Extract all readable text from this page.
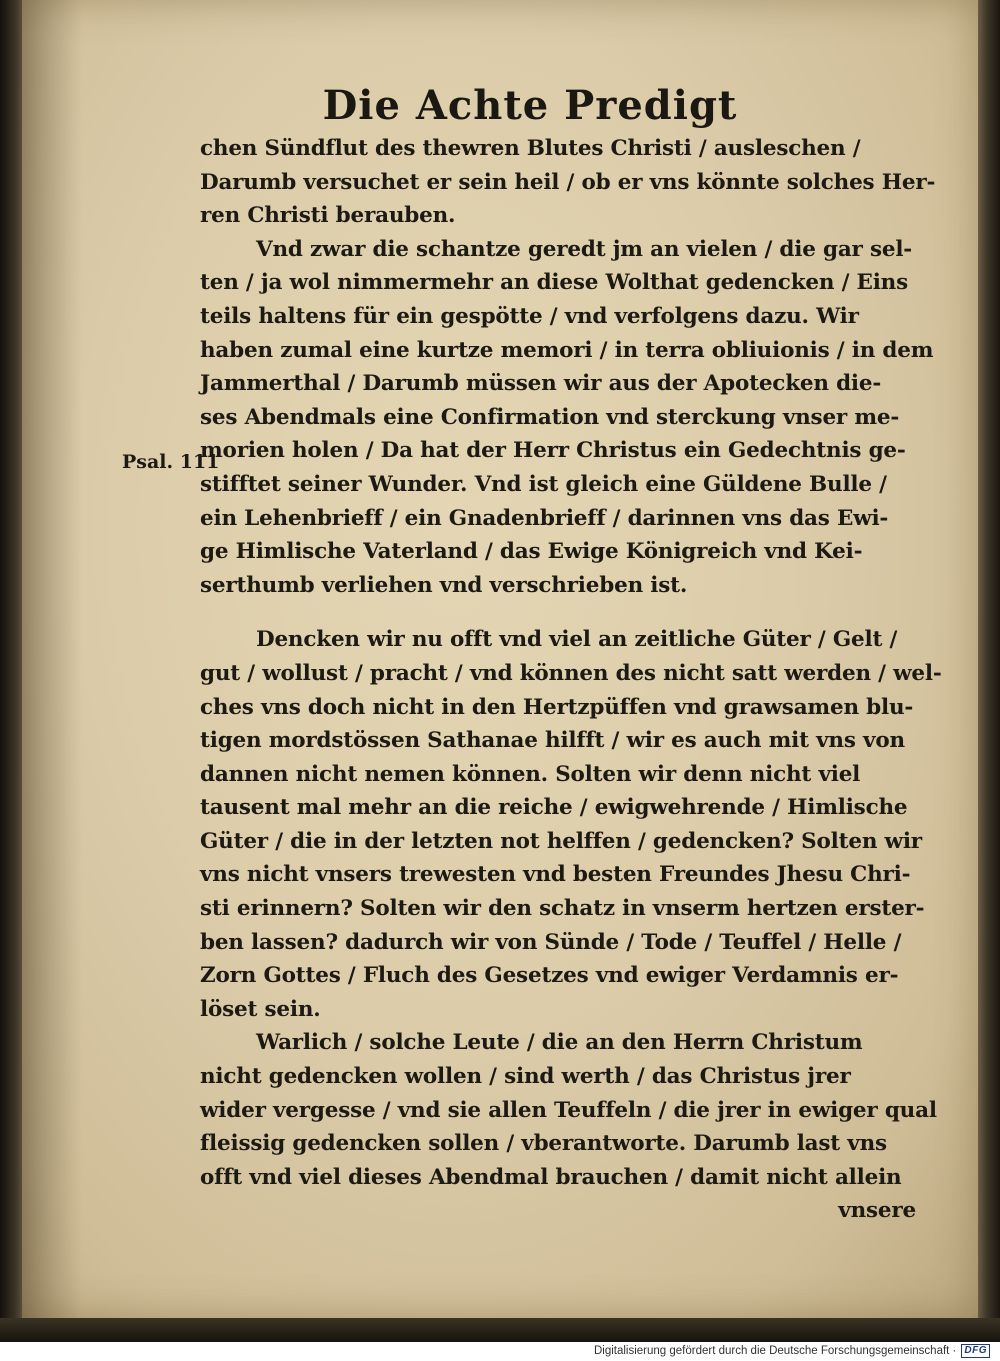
Die Achte Predigt
Psal. 111
chen Sündflut des thewren Blutes Christi / ausleschen /
Darumb versuchet er sein heil / ob er vns könnte solches Her-
ren Christi berauben.
Vnd zwar die schantze geredt jm an vielen / die gar sel-
ten / ja wol nimmermehr an diese Wolthat gedencken / Eins
teils haltens für ein gespötte / vnd verfolgens dazu. Wir
haben zumal eine kurtze memori / in terra obliuionis / in dem
Jammerthal / Darumb müssen wir aus der Apotecken die-
ses Abendmals eine Confirmation vnd sterckung vnser me-
morien holen / Da hat der Herr Christus ein Gedechtnis ge-
stifftet seiner Wunder. Vnd ist gleich eine Güldene Bulle /
ein Lehenbrieff / ein Gnadenbrieff / darinnen vns das Ewi-
ge Himlische Vaterland / das Ewige Königreich vnd Kei-
serthumb verliehen vnd verschrieben ist.
Dencken wir nu offt vnd viel an zeitliche Güter / Gelt /
gut / wollust / pracht / vnd können des nicht satt werden / wel-
ches vns doch nicht in den Hertzpüffen vnd grawsamen blu-
tigen mordstössen Sathanae hilfft / wir es auch mit vns von
dannen nicht nemen können. Solten wir denn nicht viel
tausent mal mehr an die reiche / ewigwehrende / Himlische
Güter / die in der letzten not helffen / gedencken? Solten wir
vns nicht vnsers trewesten vnd besten Freundes Jhesu Chri-
sti erinnern? Solten wir den schatz in vnserm hertzen erster-
ben lassen? dadurch wir von Sünde / Tode / Teuffel / Helle /
Zorn Gottes / Fluch des Gesetzes vnd ewiger Verdamnis er-
löset sein.
Warlich / solche Leute / die an den Herrn Christum
nicht gedencken wollen / sind werth / das Christus jrer
wider vergesse / vnd sie allen Teuffeln / die jrer in ewiger qual
fleissig gedencken sollen / vberantworte. Darumb last vns
offt vnd viel dieses Abendmal brauchen / damit nicht allein
vnsere
Digitalisierung gefördert durch die Deutsche Forschungsgemeinschaft · DFG
